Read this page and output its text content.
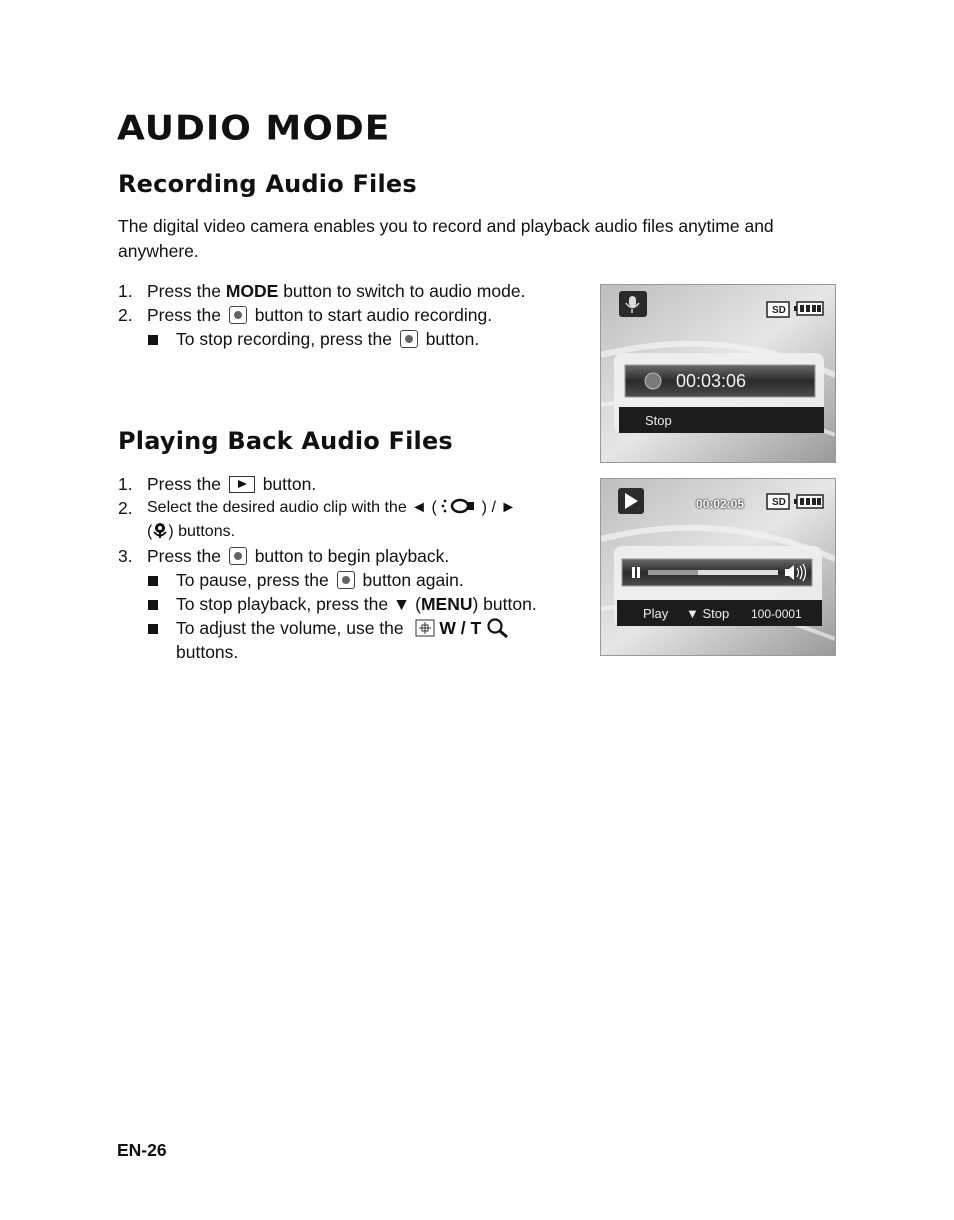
AUDIO MODE
Recording Audio Files

The digital video camera enables you to record and playback audio files anytime and anywhere.

1. Press the MODE button to switch to audio mode.
2. Press the button to start audio recording.
To stop recording, press the button.
SD
00:03:06
Stop
Playing Back Audio Files
1. Press the button.
2. Select the desired audio clip with the ◄ (	) / ►
( ) buttons.
3. Press the button to begin playback.
To pause, press the button again.
To stop playback, press the ▼ (MENU) button.
To adjust the volume, use the W / T
buttons.
SD
00:02:05
Play ▼ Stop 100-0001
EN-26
